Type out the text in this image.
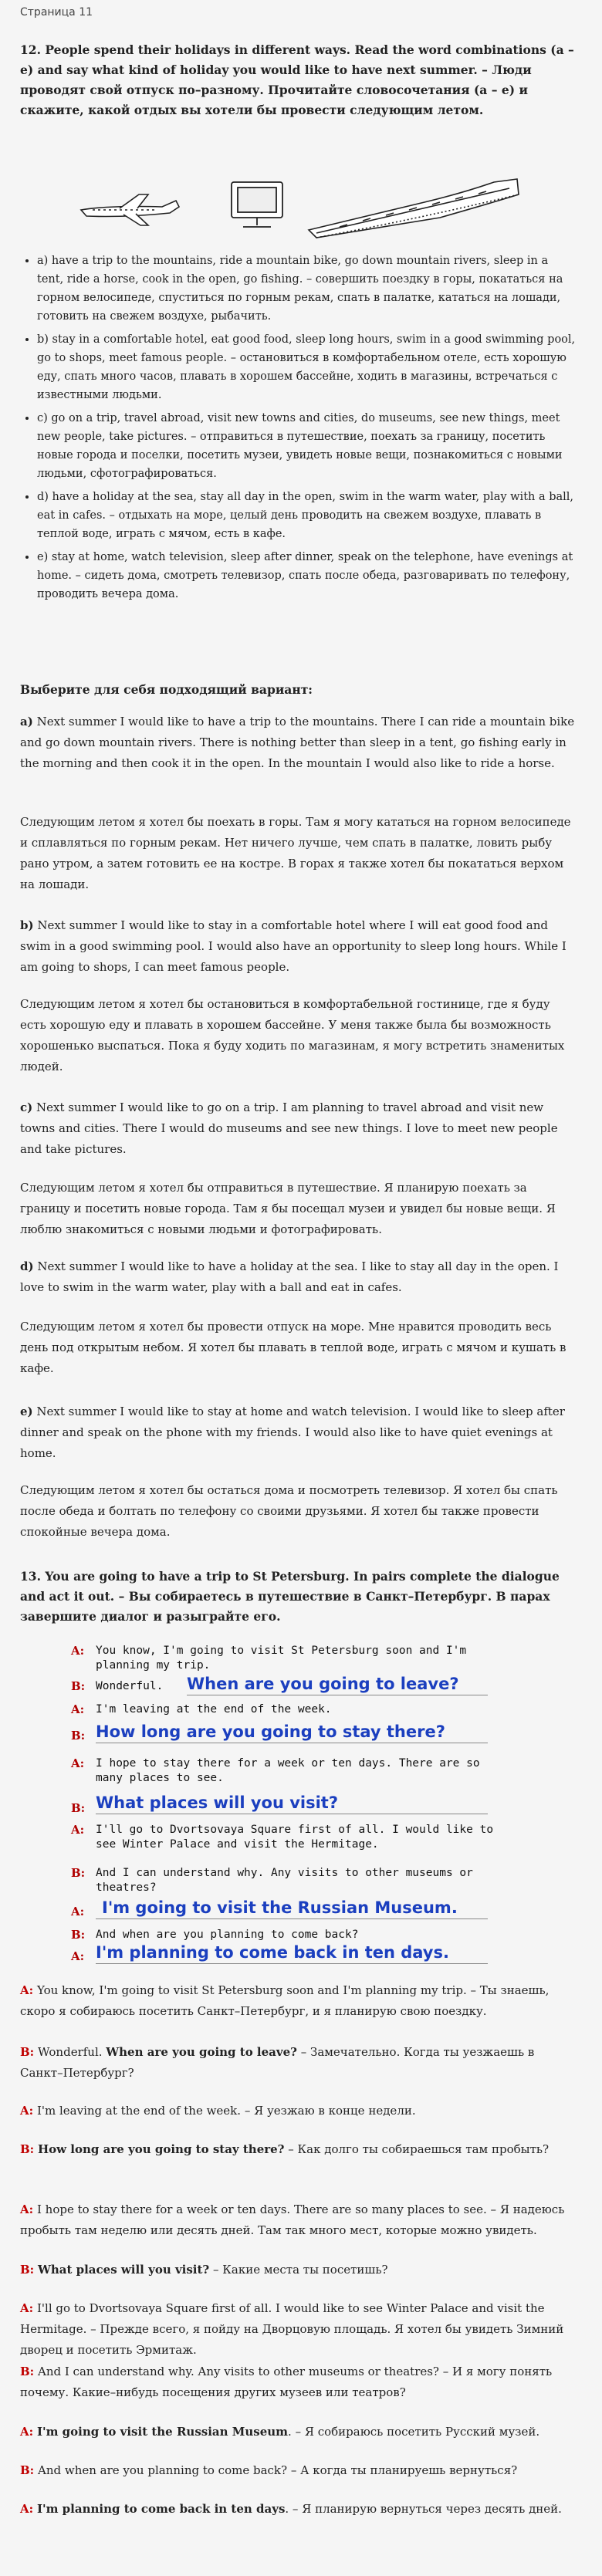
Страница 11
12. People spend their holidays in different ways. Read the word combinations (a – e) and say what kind of holiday you would like to have next summer. – Люди проводят свой отпуск по–разному. Прочитайте словосочетания (а – е) и скажите, какой отдых вы хотели бы провести следующим летом.
• a) have a trip to the mountains, ride a mountain bike, go down mountain rivers, sleep in a tent, ride a horse, cook in the open, go fishing. – совершить поездку в горы, покататься на горном велосипеде, спуститься по горным рекам, спать в палатке, кататься на лошади, готовить на свежем воздухе, рыбачить.
• b) stay in a comfortable hotel, eat good food, sleep long hours, swim in a good swimming pool, go to shops, meet famous people. – остановиться в комфортабельном отеле, есть хорошую еду, спать много часов, плавать в хорошем бассейне, ходить в магазины, встречаться с известными людьми.
• c) go on a trip, travel abroad, visit new towns and cities, do museums, see new things, meet new people, take pictures. – отправиться в путешествие, поехать за границу, посетить новые города и поселки, посетить музеи, увидеть новые вещи, познакомиться с новыми людьми, сфотографироваться.
• d) have a holiday at the sea, stay all day in the open, swim in the warm water, play with a ball, eat in cafes. – отдыхать на море, целый день проводить на свежем воздухе, плавать в теплой воде, играть с мячом, есть в кафе.
• e) stay at home, watch television, sleep after dinner, speak on the telephone, have evenings at home. – сидеть дома, смотреть телевизор, спать после обеда, разговаривать по телефону, проводить вечера дома.
Выберите для себя подходящий вариант:

a) Next summer I would like to have a trip to the mountains. There I can ride a mountain bike and go down mountain rivers. There is nothing better than sleep in a tent, go fishing early in the morning and then cook it in the open. In the mountain I would also like to ride a horse.

Следующим летом я хотел бы поехать в горы. Там я могу кататься на горном велосипеде и сплавляться по горным рекам. Нет ничего лучше, чем спать в палатке, ловить рыбу рано утром, а затем готовить ее на костре. В горах я также хотел бы покататься верхом на лошади.

b) Next summer I would like to stay in a comfortable hotel where I will eat good food and swim in a good swimming pool. I would also have an opportunity to sleep long hours. While I am going to shops, I can meet famous people.

Следующим летом я хотел бы остановиться в комфортабельной гостинице, где я буду есть хорошую еду и плавать в хорошем бассейне. У меня также была бы возможность хорошенько выспаться. Пока я буду ходить по магазинам, я могу встретить знаменитых людей.

c) Next summer I would like to go on a trip. I am planning to travel abroad and visit new towns and cities. There I would do museums and see new things. I love to meet new people and take pictures.

Следующим летом я хотел бы отправиться в путешествие. Я планирую поехать за границу и посетить новые города. Там я бы посещал музеи и увидел бы новые вещи. Я люблю знакомиться с новыми людьми и фотографировать.

d) Next summer I would like to have a holiday at the sea. I like to stay all day in the open. I love to swim in the warm water, play with a ball and eat in cafes.

Следующим летом я хотел бы провести отпуск на море. Мне нравится проводить весь день под открытым небом. Я хотел бы плавать в теплой воде, играть с мячом и кушать в кафе.

e) Next summer I would like to stay at home and watch television. I would like to sleep after dinner and speak on the phone with my friends. I would also like to have quiet evenings at home.

Следующим летом я хотел бы остаться дома и посмотреть телевизор. Я хотел бы спать после обеда и болтать по телефону со своими друзьями. Я хотел бы также провести спокойные вечера дома.

13. You are going to have a trip to St Petersburg. In pairs complete the dialogue and act it out. – Вы собираетесь в путешествие в Санкт–Петербург. В парах завершите диалог и разыграйте его.
A: You know, I'm going to visit St Petersburg soon and I'm planning my trip.
B: Wonderful.	When are you going to leave?
A: I'm leaving at the end of the week.
B: How long are you going to stay there?
A: I hope to stay there for a week or ten days. There are so many places to see.
B: What places will you visit?
A: I'll go to Dvortsovaya Square first of all. I would like to see Winter Palace and visit the Hermitage.
B: And I can understand why. Any visits to other museums or theatres?
A: I'm going to visit the Russian Museum.
B: And when are you planning to come back?
A: I'm planning to come back in ten days.

A: You know, I'm going to visit St Petersburg soon and I'm planning my trip. – Ты знаешь, скоро я собираюсь посетить Санкт–Петербург, и я планирую свою поездку.

B: Wonderful. When are you going to leave? – Замечательно. Когда ты уезжаешь в Санкт–Петербург?

A: I'm leaving at the end of the week. – Я уезжаю в конце недели.

B: How long are you going to stay there? – Как долго ты собираешься там пробыть?

A: I hope to stay there for a week or ten days. There are so many places to see. – Я надеюсь пробыть там неделю или десять дней. Там так много мест, которые можно увидеть.

B: What places will you visit? – Какие места ты посетишь?

A: I'll go to Dvortsovaya Square first of all. I would like to see Winter Palace and visit the Hermitage. – Прежде всего, я пойду на Дворцовую площадь. Я хотел бы увидеть Зимний дворец и посетить Эрмитаж.

B: And I can understand why. Any visits to other museums or theatres? – И я могу понять почему. Какие–нибудь посещения других музеев или театров?

A: I'm going to visit the Russian Museum. – Я собираюсь посетить Русский музей.

B: And when are you planning to come back? – А когда ты планируешь вернуться?

A: I'm planning to come back in ten days. – Я планирую вернуться через десять дней.
